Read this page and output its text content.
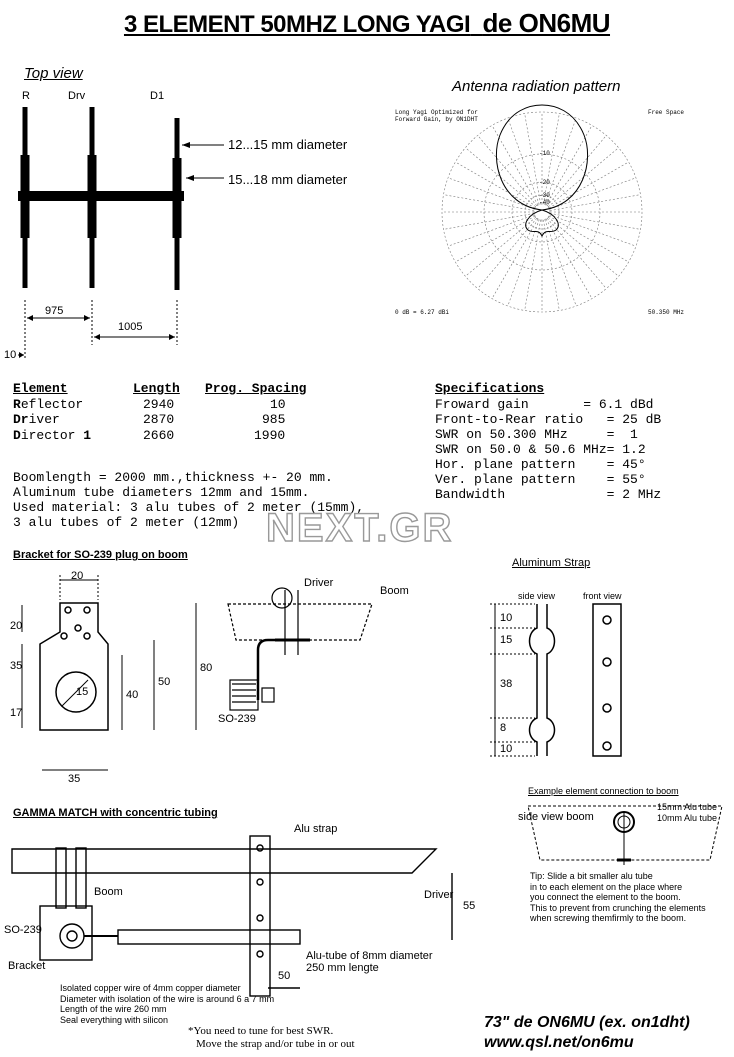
3 ELEMENT 50MHZ LONG YAGI de ON6MU
Top view
R	Drv	D1
12...15 mm diameter
15...18 mm diameter
975
1005
10
Antenna radiation pattern
Long Yagi Optimized for
Forward Gain, by ON1DHT
Free Space
-10
-20
-30
-40
0 dB = 6.27 dBi	50.350 MHz
Element	Length Prog. Spacing
Reflector	2940	10
Driver	2870	985
Director 1	2660	1990
Specifications
Froward gain       = 6.1 dBd
Front-to-Rear ratio   = 25 dB
SWR on 50.300 MHz     =  1
SWR on 50.0 & 50.6 MHz= 1.2
Hor. plane pattern    = 45°
Ver. plane pattern    = 55°
Bandwidth             = 2 MHz
Boomlength = 2000 mm.,thickness +- 20 mm.
Aluminum tube diameters 12mm and 15mm.
Used material: 3 alu tubes of 2 meter (15mm),
3 alu tubes of 2 meter (12mm) NEXT.GR
Bracket for SO-239 plug on boom
20
20
35
17
15	40
50
80
35
Driver
Boom
SO-239
Aluminum Strap
side view	front view
10
15
38
8
10
Example element connection to boom
side view boom
15mm Alu tube
10mm Alu tube
Tip: Slide a bit smaller alu tube
in to each element on the place where
you connect the element to the boom.
This to prevent from crunching the elements
when screwing themfirmly to the boom.
GAMMA MATCH with concentric tubing
Alu strap
Boom	Driver
SO-239
Bracket
Alu-tube of 8mm diameter
250 mm lengte
55
50
Isolated copper wire of 4mm copper diameter
Diameter with isolation of the wire is around 6 a 7 mm
Length of the wire 260 mm
Seal everything with silicon
*You need to tune for best SWR.
Move the strap and/or tube in or out
73" de ON6MU (ex. on1dht)
www.qsl.net/on6mu
